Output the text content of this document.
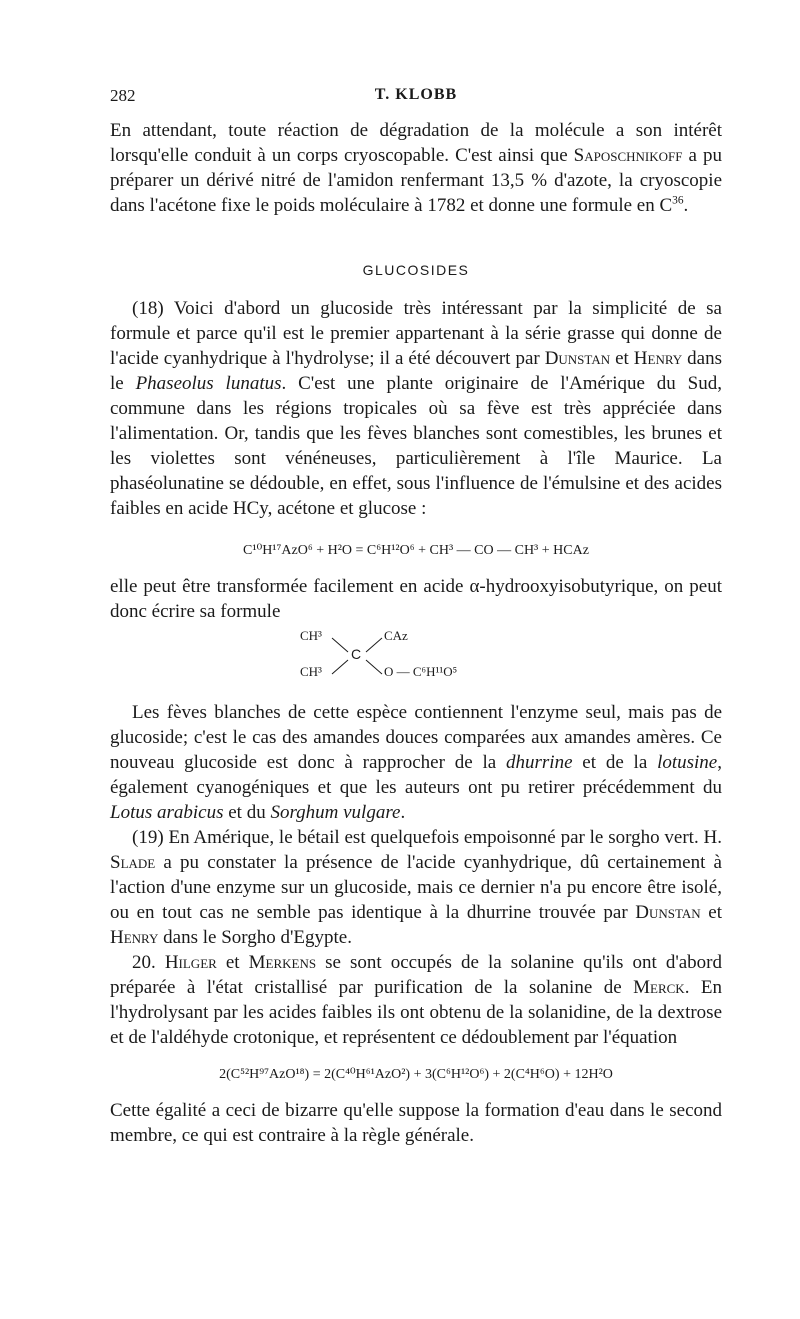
282	T. KLOBB

En attendant, toute réaction de dégradation de la molécule a son intérêt lorsqu'elle conduit à un corps cryoscopable. C'est ainsi que Saposchnikoff a pu préparer un dérivé nitré de l'amidon renfermant 13,5 % d'azote, la cryoscopie dans l'acétone fixe le poids moléculaire à 1782 et donne une formule en $C^{36}$.

GLUCOSIDES

(18) Voici d'abord un glucoside très intéressant par la simplicité de sa formule et parce qu'il est le premier appartenant à la série grasse qui donne de l'acide cyanhydrique à l'hydrolyse; il a été découvert par Dunstan et Henry dans le Phaseolus lunatus. C'est une plante originaire de l'Amérique du Sud, commune dans les régions tropicales où sa fève est très appréciée dans l'alimentation. Or, tandis que les fèves blanches sont comestibles, les brunes et les violettes sont vénéneuses, particulièrement à l'île Maurice. La phaséolunatine se dédouble, en effet, sous l'influence de l'émulsine et des acides faibles en acide HCy, acétone et glucose :

C¹⁰H¹⁷AzO⁶ + H²O = C⁶H¹²O⁶ + CH³ — CO — CH³ + HCAz

elle peut être transformée facilement en acide α-hydrooxyisobutyrique, on peut donc écrire sa formule

CH³
CH³
C
CAz
O — C⁶H¹¹O⁵

Les fèves blanches de cette espèce contiennent l'enzyme seul, mais pas de glucoside; c'est le cas des amandes douces comparées aux amandes amères. Ce nouveau glucoside est donc à rapprocher de la dhurrine et de la lotusine, également cyanogéniques et que les auteurs ont pu retirer précédemment du Lotus arabicus et du Sorghum vulgare.

(19) En Amérique, le bétail est quelquefois empoisonné par le sorgho vert. H. Slade a pu constater la présence de l'acide cyanhydrique, dû certainement à l'action d'une enzyme sur un glucoside, mais ce dernier n'a pu encore être isolé, ou en tout cas ne semble pas identique à la dhurrine trouvée par Dunstan et Henry dans le Sorgho d'Egypte.

20. Hilger et Merkens se sont occupés de la solanine qu'ils ont d'abord préparée à l'état cristallisé par purification de la solanine de Merck. En l'hydrolysant par les acides faibles ils ont obtenu de la solanidine, de la dextrose et de l'aldéhyde crotonique, et représentent ce dédoublement par l'équation

2(C⁵²H⁹⁷AzO¹⁸) = 2(C⁴⁰H⁶¹AzO²) + 3(C⁶H¹²O⁶) + 2(C⁴H⁶O) + 12H²O

Cette égalité a ceci de bizarre qu'elle suppose la formation d'eau dans le second membre, ce qui est contraire à la règle générale.
